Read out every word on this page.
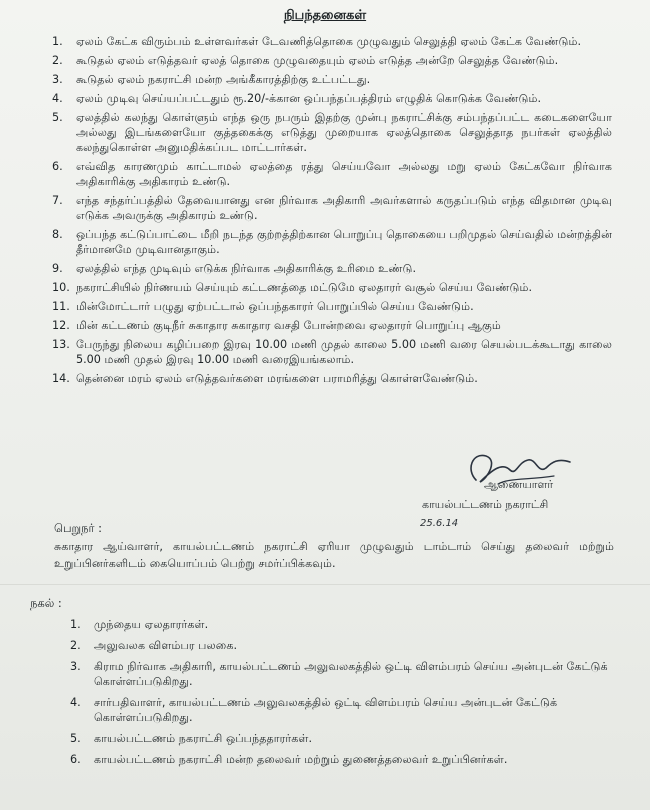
நிபந்தனைகள்
1.	ஏலம் கேட்க விரும்பம் உள்ளவர்கள் டேவணித்தொகை முழுவதும் செலுத்தி ஏலம் கேட்க வேண்டும்.
2.	கூடுதல் ஏலம் எடுத்தவர் ஏலத் தொகை முழுவதையும் ஏலம் எடுத்த அன்றே செலுத்த வேண்டும்.
3.	கூடுதல் ஏலம் நகராட்சி மன்ற அங்கீகாரத்திற்கு உட்பட்டது.
4.	ஏலம் முடிவு செய்யப்பட்டதும் ரூ.20/-க்கான ஒப்பந்தப்பத்திரம் எழுதிக் கொடுக்க வேண்டும்.
5.	ஏலத்தில் கலந்து கொள்ளும் எந்த ஒரு நபரும் இதற்கு முன்பு நகராட்சிக்கு சம்பந்தப்பட்ட கடைகளையோ அல்லது இடங்களையோ குத்தகைக்கு எடுத்து முறையாக ஏலத்தொகை செலுத்தாத நபர்கள் ஏலத்தில் கலந்துகொள்ள அனுமதிக்கப்பட மாட்டார்கள்.
6.	எவ்வித காரணமும் காட்டாமல் ஏலத்தை ரத்து செய்யவோ அல்லது மறு ஏலம் கேட்கவோ நிர்வாக அதிகாரிக்கு அதிகாரம் உண்டு.
7.	எந்த சந்தர்ப்பத்தில் தேவையானது என நிர்வாக அதிகாரி அவர்களால் கருதப்படும் எந்த விதமான முடிவு எடுக்க அவருக்கு அதிகாரம் உண்டு.
8.	ஒப்பந்த கட்டுப்பாட்டை மீறி நடந்த குற்றத்திற்கான பொறுப்பு தொகையை பறிமுதல் செய்வதில் மன்றத்தின் தீர்மானமே முடிவானதாகும்.
9.	ஏலத்தில் எந்த முடிவும் எடுக்க நிர்வாக அதிகாரிக்கு உரிமை உண்டு.
10. நகராட்சியில் நிர்ணயம் செய்யும் கட்டணத்தை மட்டுமே ஏலதாரர் வசூல் செய்ய வேண்டும்.
11. மின்மோட்டார் பழுது ஏற்பட்டால் ஒப்பந்தகாரர் பொறுப்பில் செய்ய வேண்டும்.
12. மின் கட்டணம் குடிநீர் சுகாதார சுகாதார வசதி போன்றவை ஏலதாரர் பொறுப்பு ஆகும்
13. பேருந்து நிலைய கழிப்பறை இரவு 10.00 மணி முதல் காலை 5.00 மணி வரை செயல்படக்கூடாது காலை 5.00 மணி முதல் இரவு 10.00 மணி வரைஇயங்கலாம்.
14. தென்னை மரம் ஏலம் எடுத்தவர்களை மரங்களை பராமரித்து கொள்ளவேண்டும்.
ஆணையாளர்
காயல்பட்டணம் நகராட்சி
25.6.14
பெறுநர் :
சுகாதார ஆய்வாளர், காயல்பட்டணம் நகராட்சி ஏரியா முழுவதும் டாம்டாம் செய்து தலைவர் மற்றும் உறுப்பினர்களிடம் கையொப்பம் பெற்று சமர்ப்பிக்கவும்.
நகல் :
1.	முந்தைய ஏலதாரர்கள்.
2.	அலுவலக விளம்பர பலகை.
3.	கிராம நிர்வாக அதிகாரி, காயல்பட்டணம் அலுவலகத்தில் ஒட்டி விளம்பரம் செய்ய அன்புடன் கேட்டுக் கொள்ளப்படுகிறது.
4.	சார்பதிவாளர், காயல்பட்டணம் அலுவலகத்தில் ஒட்டி விளம்பரம் செய்ய அன்புடன் கேட்டுக் கொள்ளப்படுகிறது.
5.	காயல்பட்டணம் நகராட்சி ஒப்பந்ததாரர்கள்.
6.	காயல்பட்டணம் நகராட்சி மன்ற தலைவர் மற்றும் துணைத்தலைவர் உறுப்பினர்கள்.
